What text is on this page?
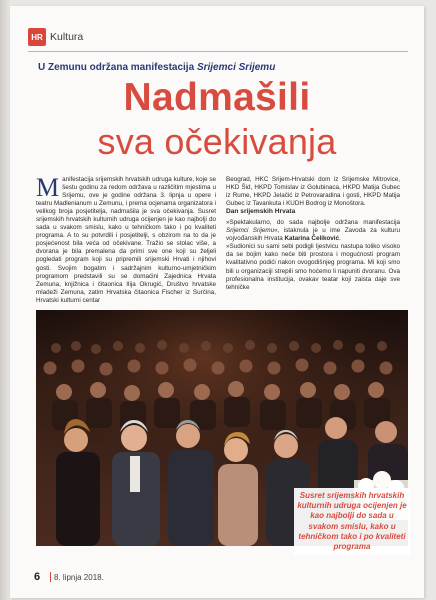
HR Kultura
U Zemunu održana manifestacija Srijemci Srijemu
Nadmašili
sva očekivanja

Manifestacija srijemskih hrvatskih udruga kulture, koje se šestu godinu za redom održava u različitim mjestima u Srijemu, ove je godine održana 3. lipnja u opere i teatru Madlenianum u Zemunu, i prema ocjenama organizatora i velikog broja posjetitelja, nadmašila je sva očekivanja. Susret srijemskih hrvatskih kulturnih udruga ocijenjen je kao najbolji do sada u svakom smislu, kako u tehničkom tako i po kvaliteti programa. A to su potvrdili i posjetitelji, s obzirom na to da je posjećenost bila veća od očekivane. Tražio se stolac više, a dvorana je bila premalena da primi sve one koji su željeli pogledati program koji su pripremili srijemski Hrvati i njihovi gosti. Svojim bogatim i sadržajnim kulturno-umjetničkim programom predstavili su se domaćini Zajednica Hrvata Zemuna, knjižnica i čitaonica Ilija Okrugić, Društvo hrvatske mladeži Zemuna, zatim Hrvatska čitaonica Fischer iz Surčina, Hrvatski kulturni centar

Beograd, HKC Srijem-Hrvatski dom iz Srijemske Mitrovice, HKD Šid, HKPD Tomislav iz Golubinaca, HKPD Matija Gubec iz Rume, HKPD Jelačić iz Petrovaradina i gosti, HKPD Matija Gubec iz Tavankuta i KUDH Bodrog iz Monoštora.

Dan srijemskih Hrvata

»Spektakularno, do sada najbolje održana manifestacija Srijemci Srijemu«, istaknula je u ime Zavoda za kulturu vojvođanskih Hrvata Katarina Čeliković.

»Sudionici su sami sebi podigli ljestvicu nastupa toliko visoko da se bojim kako neće biti prostora i mogućnosti program kvalitativno podići nakon ovogodišnjeg programa. Mi koji smo bili u organizaciji strepili smo hoćemo li napuniti dvoranu. Ova profesionalna institucija, ovakav teatar koji zaista daje sve tehničke

Susret srijemskih hrvatskih kulturnih udruga ocijenjen je kao najbolji do sada u svakom smislu, kako u tehničkom tako i po kvaliteti programa
6 8. lipnja 2018.
